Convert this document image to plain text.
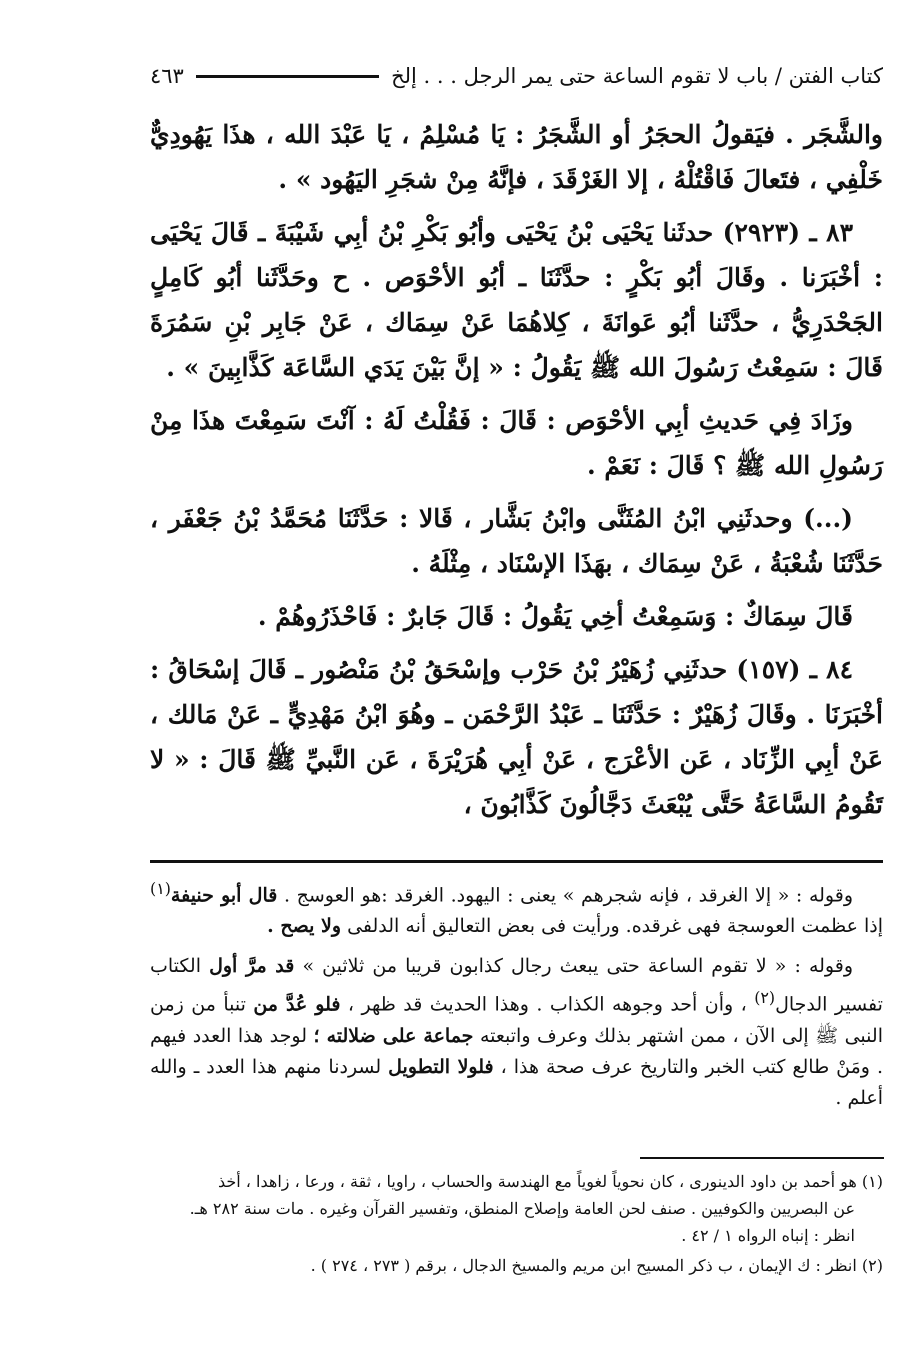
كتاب الفتن / باب لا تقوم الساعة حتى يمر الرجل . . . إلخ
٤٦٣

والشَّجَر . فيَقولُ الحجَرُ أو الشَّجَرُ : يَا مُسْلِمُ ، يَا عَبْدَ الله ، هذَا يَهُودِيٌّ خَلْفِي ، فتَعالَ فَاقْتُلْهُ ، إلا الغَرْقَدَ ، فإنَّهُ مِنْ شجَرِ اليَهُود » .

٨٣ ـ (٢٩٢٣) حدثَنا يَحْيَى بْنُ يَحْيَى وأبُو بَكْرِ بْنُ أبِي شَيْبَةَ ـ قَالَ يَحْيَى : أخْبَرَنا . وقَالَ أبُو بَكْرٍ : حدَّثَنَا ـ أبُو الأحْوَص . ح وحَدَّثَنا أبُو كَامِلٍ الجَحْدَرِيُّ ، حدَّثَنا أبُو عَوانَةَ ، كِلاهُمَا عَنْ سِمَاك ، عَنْ جَابِر بْنِ سَمُرَةَ قَالَ : سَمِعْتُ رَسُولَ الله ﷺ يَقُولُ : « إنَّ بَيْنَ يَدَي السَّاعَة كَذَّابِينَ » .

وزَادَ فِي حَديثِ أبِي الأحْوَص : قَالَ : فَقُلْتُ لَهُ : آنْتَ سَمِعْتَ هذَا مِنْ رَسُولِ الله ﷺ ؟ قَالَ : نَعَمْ .

(...) وحدثَنِي ابْنُ المُثَنَّى وابْنُ بَشَّار ، قَالا : حَدَّثَنَا مُحَمَّدُ بْنُ جَعْفَر ، حَدَّثَنَا شُعْبَةُ ، عَنْ سِمَاك ، بهَذَا الإسْنَاد ، مِثْلَهُ .

قَالَ سِمَاكٌ : وَسَمِعْتُ أخِي يَقُولُ : قَالَ جَابرٌ : فَاحْذَرُوهُمْ .

٨٤ ـ (١٥٧) حدثَنِي زُهَيْرُ بْنُ حَرْب وإسْحَقُ بْنُ مَنْصُور ـ قَالَ إسْحَاقُ : أخْبَرَنَا . وقَالَ زُهَيْرٌ : حَدَّثَنَا ـ عَبْدُ الرَّحْمَن ـ وهُوَ ابْنُ مَهْدِيٍّ ـ عَنْ مَالك ، عَنْ أبِي الزِّنَاد ، عَن الأعْرَج ، عَنْ أبِي هُرَيْرَةَ ، عَن النَّبيِّ ﷺ قَالَ : « لا تَقُومُ السَّاعَةُ حَتَّى يُبْعَثَ دَجَّالُونَ كَذَّابُونَ ،

وقوله : « إلا الغرقد ، فإنه شجرهم » يعنى : اليهود. الغرقد :هو العوسج . قال أبو حنيفة$^{(١)}$ إذا عظمت العوسجة فهى غرقده. ورأيت فى بعض التعاليق أنه الدلفى ولا يصح .

وقوله : « لا تقوم الساعة حتى يبعث رجال كذابون قريبا من ثلاثين » قد مرَّ أول الكتاب تفسير الدجال$^{(٢)}$ ، وأن أحد وجوهه الكذاب . وهذا الحديث قد ظهر ، فلو عُدَّ من تنبأ من زمن النبى ﷺ إلى الآن ، ممن اشتهر بذلك وعرف واتبعته جماعة على ضلالته ؛ لوجد هذا العدد فيهم . ومَنْ طالع كتب الخبر والتاريخ عرف صحة هذا ، فلولا التطويل لسردنا منهم هذا العدد ـ والله أعلم .

(١) هو أحمد بن داود الدينورى ، كان نحوياً لغوياً مع الهندسة والحساب ، راويا ، ثقة ، ورعا ، زاهدا ، أخذ
عن البصريين والكوفيين . صنف لحن العامة وإصلاح المنطق، وتفسير القرآن وغيره . مات سنة ٢٨٢ هـ.
انظر : إنباه الرواه ١ / ٤٢ .

(٢) انظر : ك الإيمان ، ب ذكر المسيح ابن مريم والمسيخ الدجال ، برقم ( ٢٧٣ ، ٢٧٤ ) .
